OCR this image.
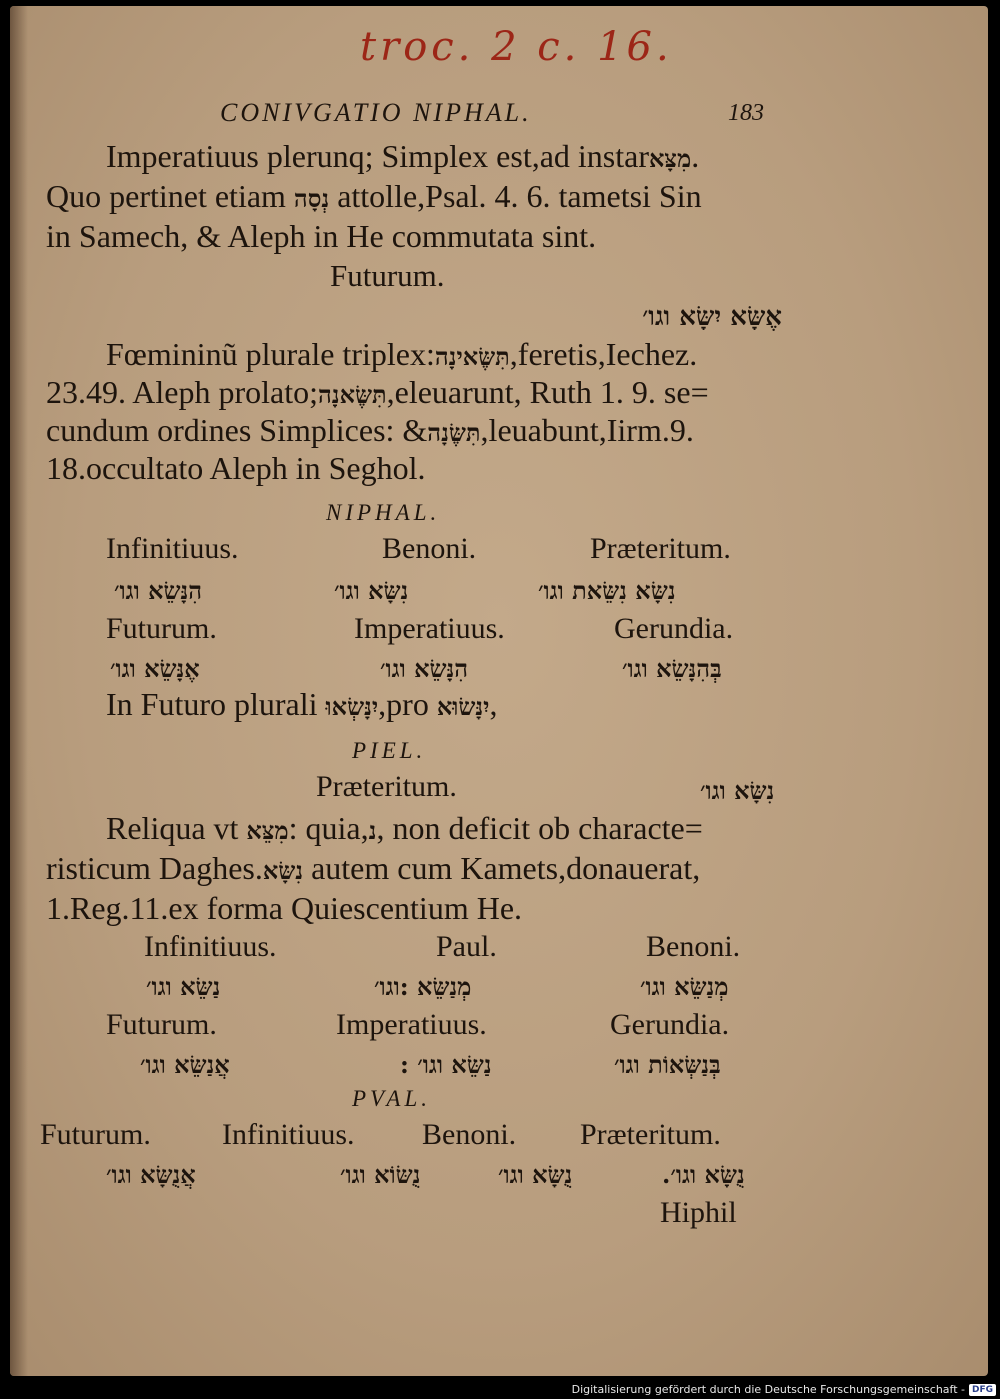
troc. 2 c. 16.
CONIVGATIO NIPHAL.	183
Imperatiuus plerunq; Simplex est,ad instarמִצָּא.
Quo pertinet etiam נְסָה attolle,Psal. 4. 6. tametsi Sin
in Samech, & Aleph in He commutata sint.
Futurum.
אֶשָּׂא יִשָּׂא וגו׳
Fœmininũ plurale triplex:תִּשֶּׂאינָה,feretis,Iechez.
23.49. Aleph prolato;תִּשֶּׂאנָה,eleuarunt, Ruth 1. 9. se=
cundum ordines Simplices: &תִּשֶּׂנָה,leuabunt,Iirm.9.
18.occultato Aleph in Seghol.
NIPHAL.
Infinitiuus.	Benoni.	Præteritum.
הִנָּשֵׂא וגו׳	נִשָּׂא וגו׳	נִשָּׂא נִשֵּׂאת וגו׳
Futurum.	Imperatiuus.	Gerundia.
אֶנָּשֵׂא וגו׳	הִנָּשֵׂא וגו׳	בְּהִנָּשֵׂא וגו׳
In Futuro plurali יִנָּשְׂאוּ,pro יִנָּשׂוּא,
PIEL.
Præteritum.	נִשָּׂא וגו׳
Reliqua vt מִצֵּא: quia,נ, non deficit ob characte=
risticum Daghes.נִשָּׂא autem cum Kamets,donauerat,
1.Reg.11.ex forma Quiescentium He.
Infinitiuus.	Paul.	Benoni.
נַשֵּׂא וגו׳	מְנַשֵּׂא :וגו׳	מְנַשֵּׂא וגו׳
Futurum.	Imperatiuus.	Gerundia.
אֲנַשֵּׂא וגו׳	נַשֵּׂא וגו׳ :	בְּנַשְּׂאוֹת וגו׳
PVAL.
Futurum. Infinitiuus. Benoni. Præteritum.
אֲנֻשָּׂא וגו׳	נֻשּׂוֹא וגו׳	נֻשָּׂא וגו׳	נֻשָּׂא וגו׳.
Hiphil
Digitalisierung gefördert durch die Deutsche Forschungsgemeinschaft - DFG
